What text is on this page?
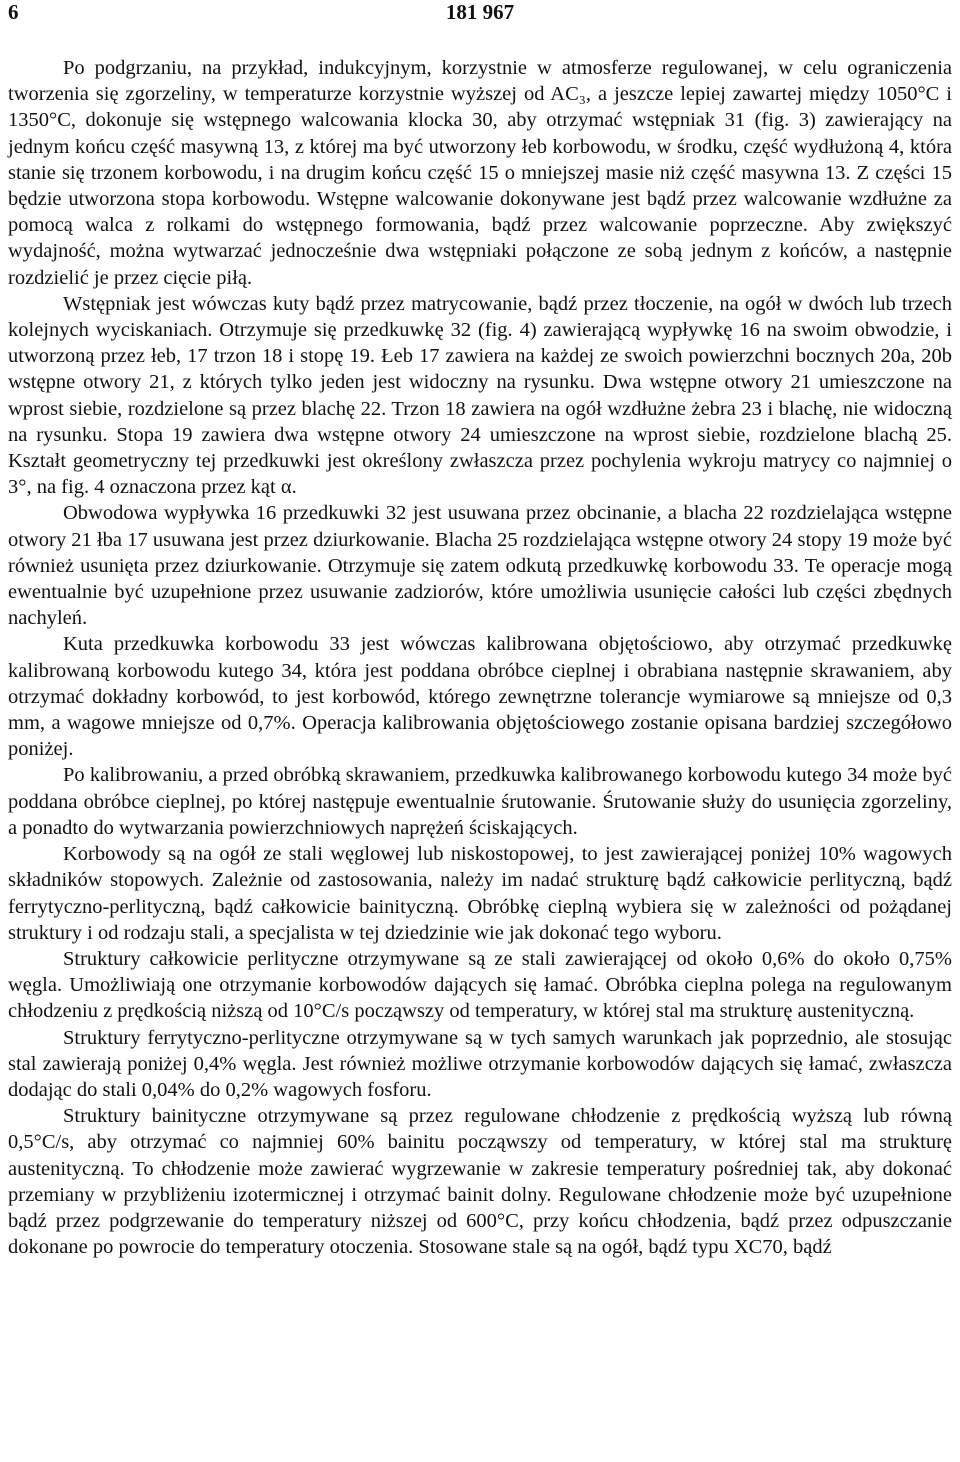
6	181 967

Po podgrzaniu, na przykład, indukcyjnym, korzystnie w atmosferze regulowanej, w celu ograniczenia tworzenia się zgorzeliny, w temperaturze korzystnie wyższej od AC₃, a jeszcze lepiej zawartej między 1050°C i 1350°C, dokonuje się wstępnego walcowania klocka 30, aby otrzymać wstępniak 31 (fig. 3) zawierający na jednym końcu część masywną 13, z której ma być utworzony łeb korbowodu, w środku, część wydłużoną 4, która stanie się trzonem korbowodu, i na drugim końcu część 15 o mniejszej masie niż część masywna 13. Z części 15 będzie utworzona stopa korbowodu. Wstępne walcowanie dokonywane jest bądź przez walcowanie wzdłużne za pomocą walca z rolkami do wstępnego formowania, bądź przez walcowanie poprzeczne. Aby zwiększyć wydajność, można wytwarzać jednocześnie dwa wstępniaki połączone ze sobą jednym z końców, a następnie rozdzielić je przez cięcie piłą.

Wstępniak jest wówczas kuty bądź przez matrycowanie, bądź przez tłoczenie, na ogół w dwóch lub trzech kolejnych wyciskaniach. Otrzymuje się przedkuwkę 32 (fig. 4) zawierającą wypływkę 16 na swoim obwodzie, i utworzoną przez łeb, 17 trzon 18 i stopę 19. Łeb 17 zawiera na każdej ze swoich powierzchni bocznych 20a, 20b wstępne otwory 21, z których tylko jeden jest widoczny na rysunku. Dwa wstępne otwory 21 umieszczone na wprost siebie, rozdzielone są przez blachę 22. Trzon 18 zawiera na ogół wzdłużne żebra 23 i blachę, nie widoczną na rysunku. Stopa 19 zawiera dwa wstępne otwory 24 umieszczone na wprost siebie, rozdzielone blachą 25. Kształt geometryczny tej przedkuwki jest określony zwłaszcza przez pochylenia wykroju matrycy co najmniej o 3°, na fig. 4 oznaczona przez kąt α.

Obwodowa wypływka 16 przedkuwki 32 jest usuwana przez obcinanie, a blacha 22 rozdzielająca wstępne otwory 21 łba 17 usuwana jest przez dziurkowanie. Blacha 25 rozdzielająca wstępne otwory 24 stopy 19 może być również usunięta przez dziurkowanie. Otrzymuje się zatem odkutą przedkuwkę korbowodu 33. Te operacje mogą ewentualnie być uzupełnione przez usuwanie zadziorów, które umożliwia usunięcie całości lub części zbędnych nachyleń.

Kuta przedkuwka korbowodu 33 jest wówczas kalibrowana objętościowo, aby otrzymać przedkuwkę kalibrowaną korbowodu kutego 34, która jest poddana obróbce cieplnej i obrabiana następnie skrawaniem, aby otrzymać dokładny korbowód, to jest korbowód, którego zewnętrzne tolerancje wymiarowe są mniejsze od 0,3 mm, a wagowe mniejsze od 0,7%. Operacja kalibrowania objętościowego zostanie opisana bardziej szczegółowo poniżej.

Po kalibrowaniu, a przed obróbką skrawaniem, przedkuwka kalibrowanego korbowodu kutego 34 może być poddana obróbce cieplnej, po której następuje ewentualnie śrutowanie. Śrutowanie służy do usunięcia zgorzeliny, a ponadto do wytwarzania powierzchniowych naprężeń ściskających.

Korbowody są na ogół ze stali węglowej lub niskostopowej, to jest zawierającej poniżej 10% wagowych składników stopowych. Zależnie od zastosowania, należy im nadać strukturę bądź całkowicie perlityczną, bądź ferrytyczno-perlityczną, bądź całkowicie bainityczną. Obróbkę cieplną wybiera się w zależności od pożądanej struktury i od rodzaju stali, a specjalista w tej dziedzinie wie jak dokonać tego wyboru.

Struktury całkowicie perlityczne otrzymywane są ze stali zawierającej od około 0,6% do około 0,75% węgla. Umożliwiają one otrzymanie korbowodów dających się łamać. Obróbka cieplna polega na regulowanym chłodzeniu z prędkością niższą od 10°C/s począwszy od temperatury, w której stal ma strukturę austenityczną.

Struktury ferrytyczno-perlityczne otrzymywane są w tych samych warunkach jak poprzednio, ale stosując stal zawierają poniżej 0,4% węgla. Jest również możliwe otrzymanie korbowodów dających się łamać, zwłaszcza dodając do stali 0,04% do 0,2% wagowych fosforu.

Struktury bainityczne otrzymywane są przez regulowane chłodzenie z prędkością wyższą lub równą 0,5°C/s, aby otrzymać co najmniej 60% bainitu począwszy od temperatury, w której stal ma strukturę austenityczną. To chłodzenie może zawierać wygrzewanie w zakresie temperatury pośredniej tak, aby dokonać przemiany w przybliżeniu izotermicznej i otrzymać bainit dolny. Regulowane chłodzenie może być uzupełnione bądź przez podgrzewanie do temperatury niższej od 600°C, przy końcu chłodzenia, bądź przez odpuszczanie dokonane po powrocie do temperatury otoczenia. Stosowane stale są na ogół, bądź typu XC70, bądź
